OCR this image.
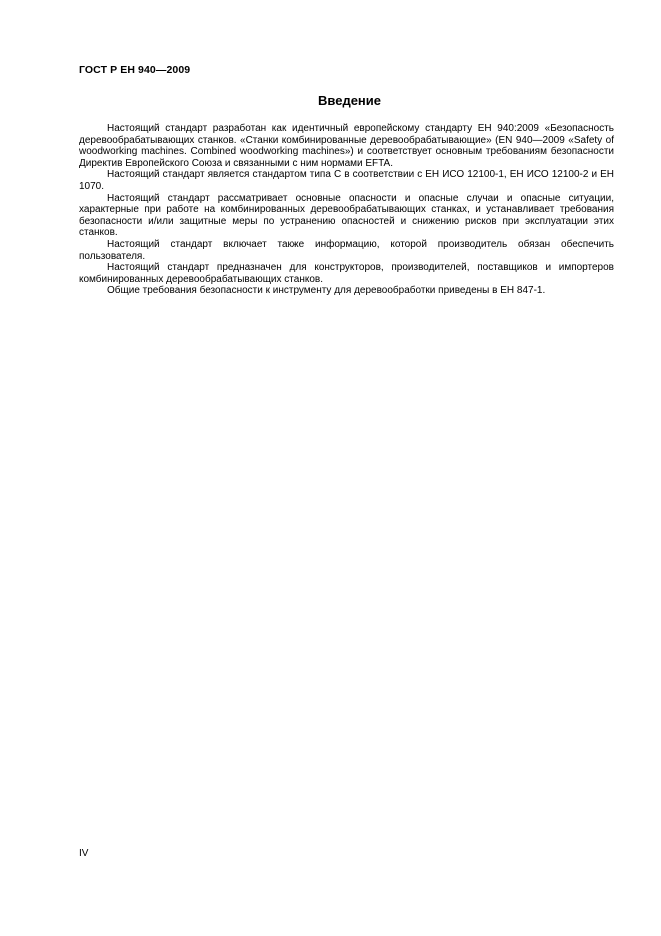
ГОСТ Р ЕН 940—2009
Введение

Настоящий стандарт разработан как идентичный европейскому стандарту ЕН 940:2009 «Безопасность деревообрабатывающих станков. «Станки комбинированные деревообрабатывающие» (EN 940—2009 «Safety of woodworking machines. Combined woodworking machines») и соответствует основным требованиям безопасности Директив Европейского Союза и связанными с ним нормами EFTA.

Настоящий стандарт является стандартом типа С в соответствии с ЕН ИСО 12100-1, ЕН ИСО 12100-2 и ЕН 1070.

Настоящий стандарт рассматривает основные опасности и опасные случаи и опасные ситуации, характерные при работе на комбинированных деревообрабатывающих станках, и устанавливает требования безопасности и/или защитные меры по устранению опасностей и снижению рисков при эксплуатации этих станков.

Настоящий стандарт включает также информацию, которой производитель обязан обеспечить пользователя.

Настоящий стандарт предназначен для конструкторов, производителей, поставщиков и импортеров комбинированных деревообрабатывающих станков.

Общие требования безопасности к инструменту для деревообработки приведены в ЕН 847-1.

IV
